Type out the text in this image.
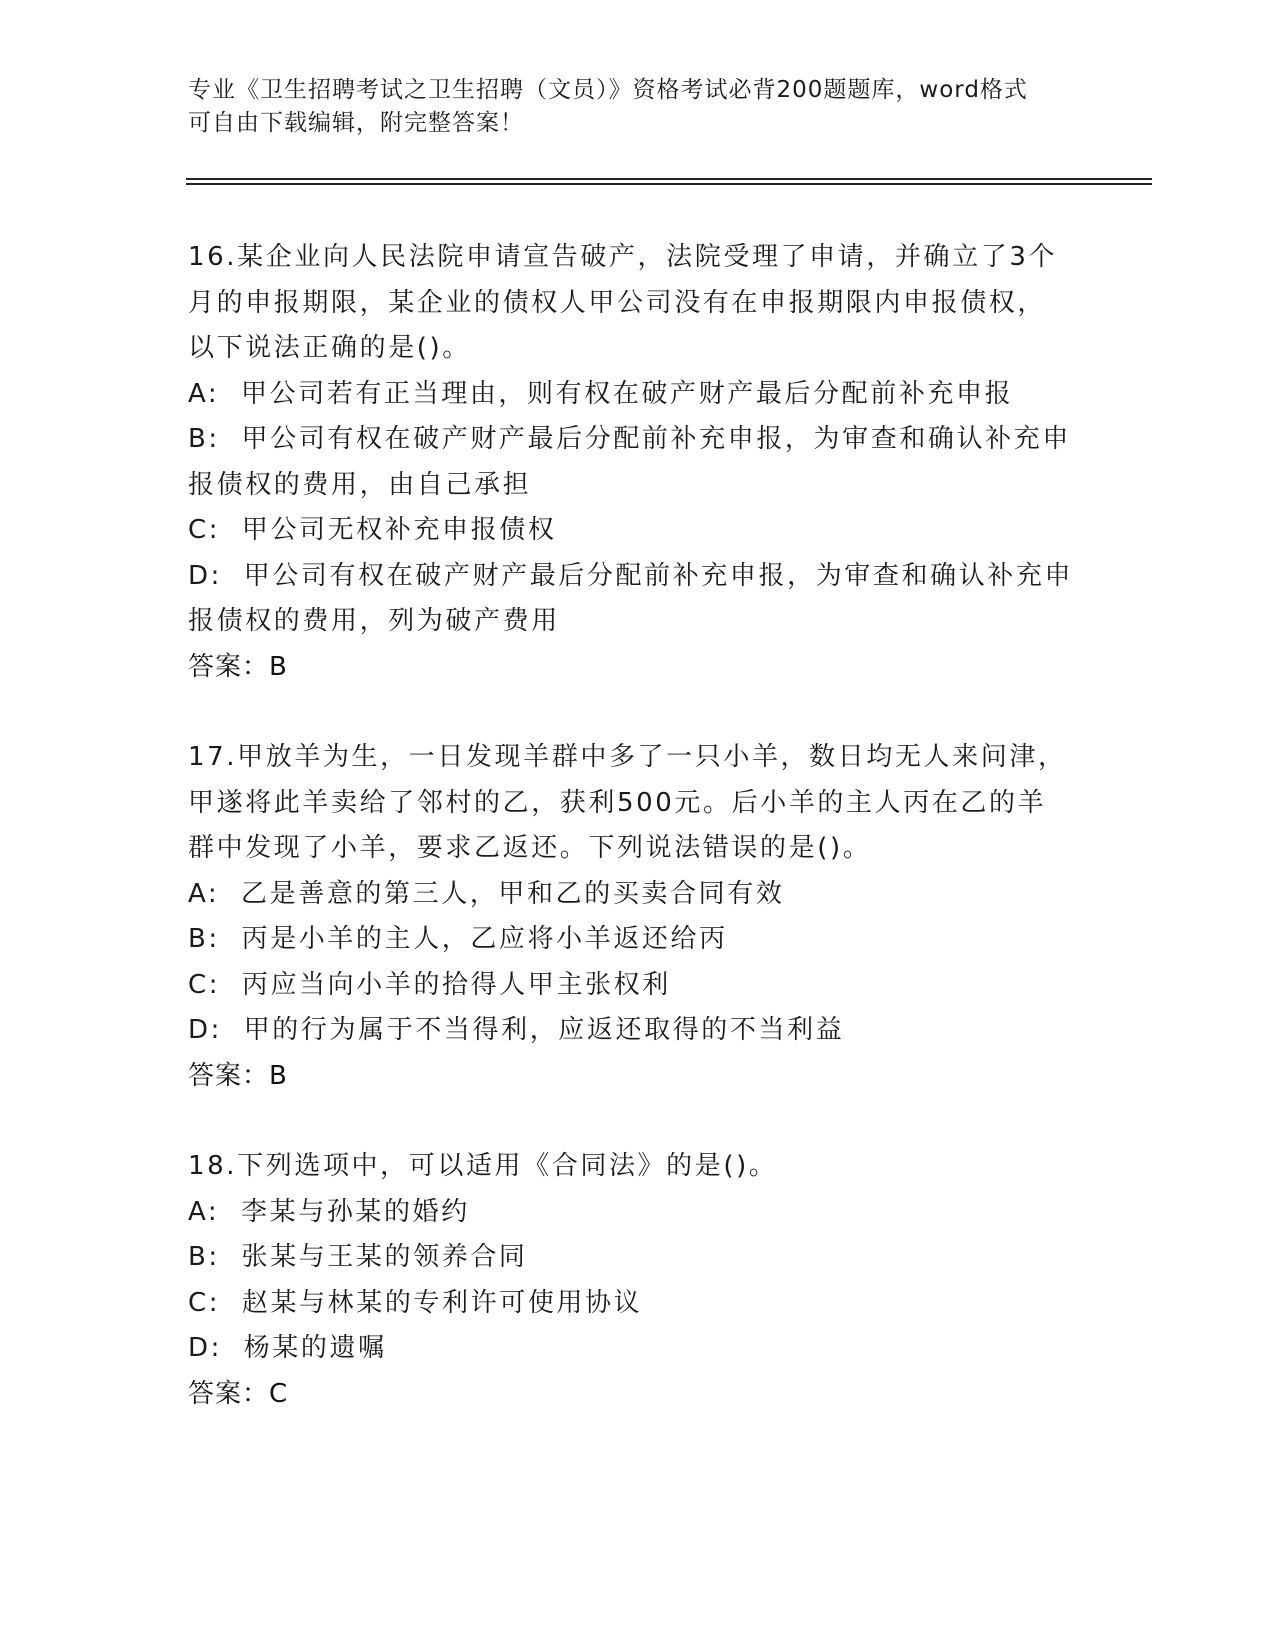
专业《卫生招聘考试之卫生招聘（文员）》资格考试必背200题题库，word格式
可自由下载编辑，附完整答案！
16.某企业向人民法院申请宣告破产，法院受理了申请，并确立了3个
月的申报期限，某企业的债权人甲公司没有在申报期限内申报债权，
以下说法正确的是()。
A:  甲公司若有正当理由，则有权在破产财产最后分配前补充申报
B:  甲公司有权在破产财产最后分配前补充申报，为审查和确认补充申
报债权的费用，由自己承担
C:  甲公司无权补充申报债权
D:  甲公司有权在破产财产最后分配前补充申报，为审查和确认补充申
报债权的费用，列为破产费用
答案：B
17.甲放羊为生，一日发现羊群中多了一只小羊，数日均无人来问津，
甲遂将此羊卖给了邻村的乙，获利500元。后小羊的主人丙在乙的羊
群中发现了小羊，要求乙返还。下列说法错误的是()。
A:  乙是善意的第三人，甲和乙的买卖合同有效
B:  丙是小羊的主人，乙应将小羊返还给丙
C:  丙应当向小羊的拾得人甲主张权利
D:  甲的行为属于不当得利，应返还取得的不当利益
答案：B
18.下列选项中，可以适用《合同法》的是()。
A:  李某与孙某的婚约
B:  张某与王某的领养合同
C:  赵某与林某的专利许可使用协议
D:  杨某的遗嘱
答案：C
